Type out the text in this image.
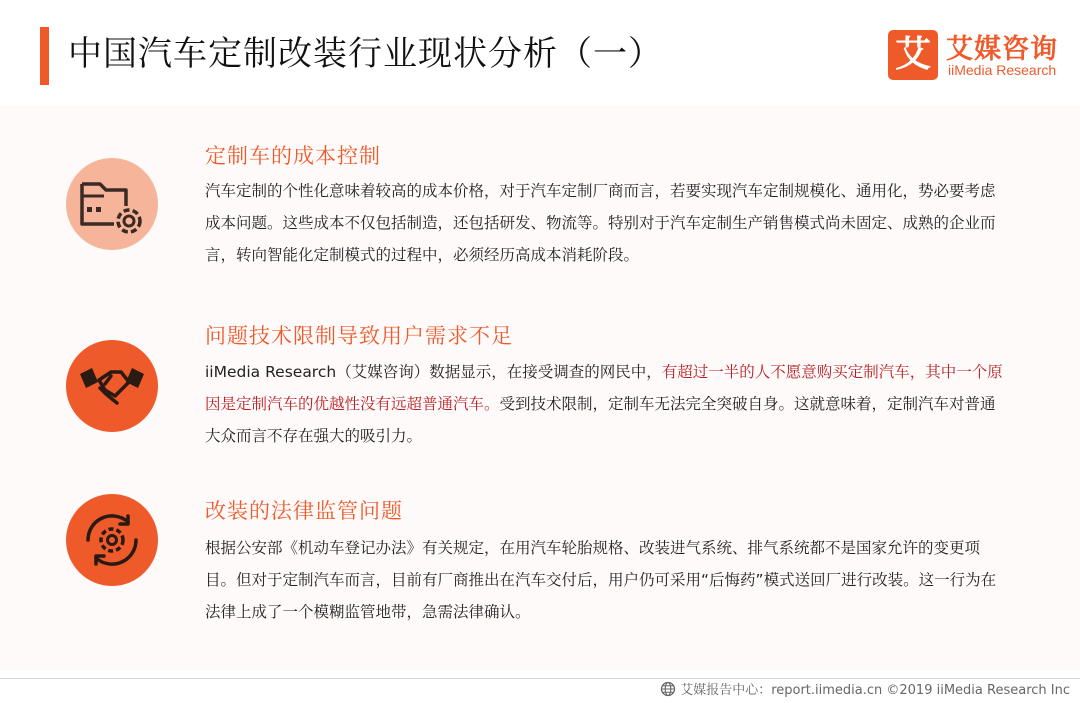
中国汽车定制改装行业现状分析（一）	艾 艾媒咨询
iiMedia Research
定制车的成本控制
汽车定制的个性化意味着较高的成本价格，对于汽车定制厂商而言，若要实现汽车定制规模化、通用化，势必要考虑成本问题。这些成本不仅包括制造，还包括研发、物流等。特别对于汽车定制生产销售模式尚未固定、成熟的企业而言，转向智能化定制模式的过程中，必须经历高成本消耗阶段。
问题技术限制导致用户需求不足
iiMedia Research（艾媒咨询）数据显示，在接受调查的网民中，有超过一半的人不愿意购买定制汽车，其中一个原因是定制汽车的优越性没有远超普通汽车。受到技术限制，定制车无法完全突破自身。这就意味着，定制汽车对普通大众而言不存在强大的吸引力。
改装的法律监管问题
根据公安部《机动车登记办法》有关规定，在用汽车轮胎规格、改装进气系统、排气系统都不是国家允许的变更项目。但对于定制汽车而言，目前有厂商推出在汽车交付后，用户仍可采用“后悔药”模式送回厂进行改装。这一行为在法律上成了一个模糊监管地带，急需法律确认。
艾媒报告中心：report.iimedia.cn ©2019 iiMedia Research Inc
